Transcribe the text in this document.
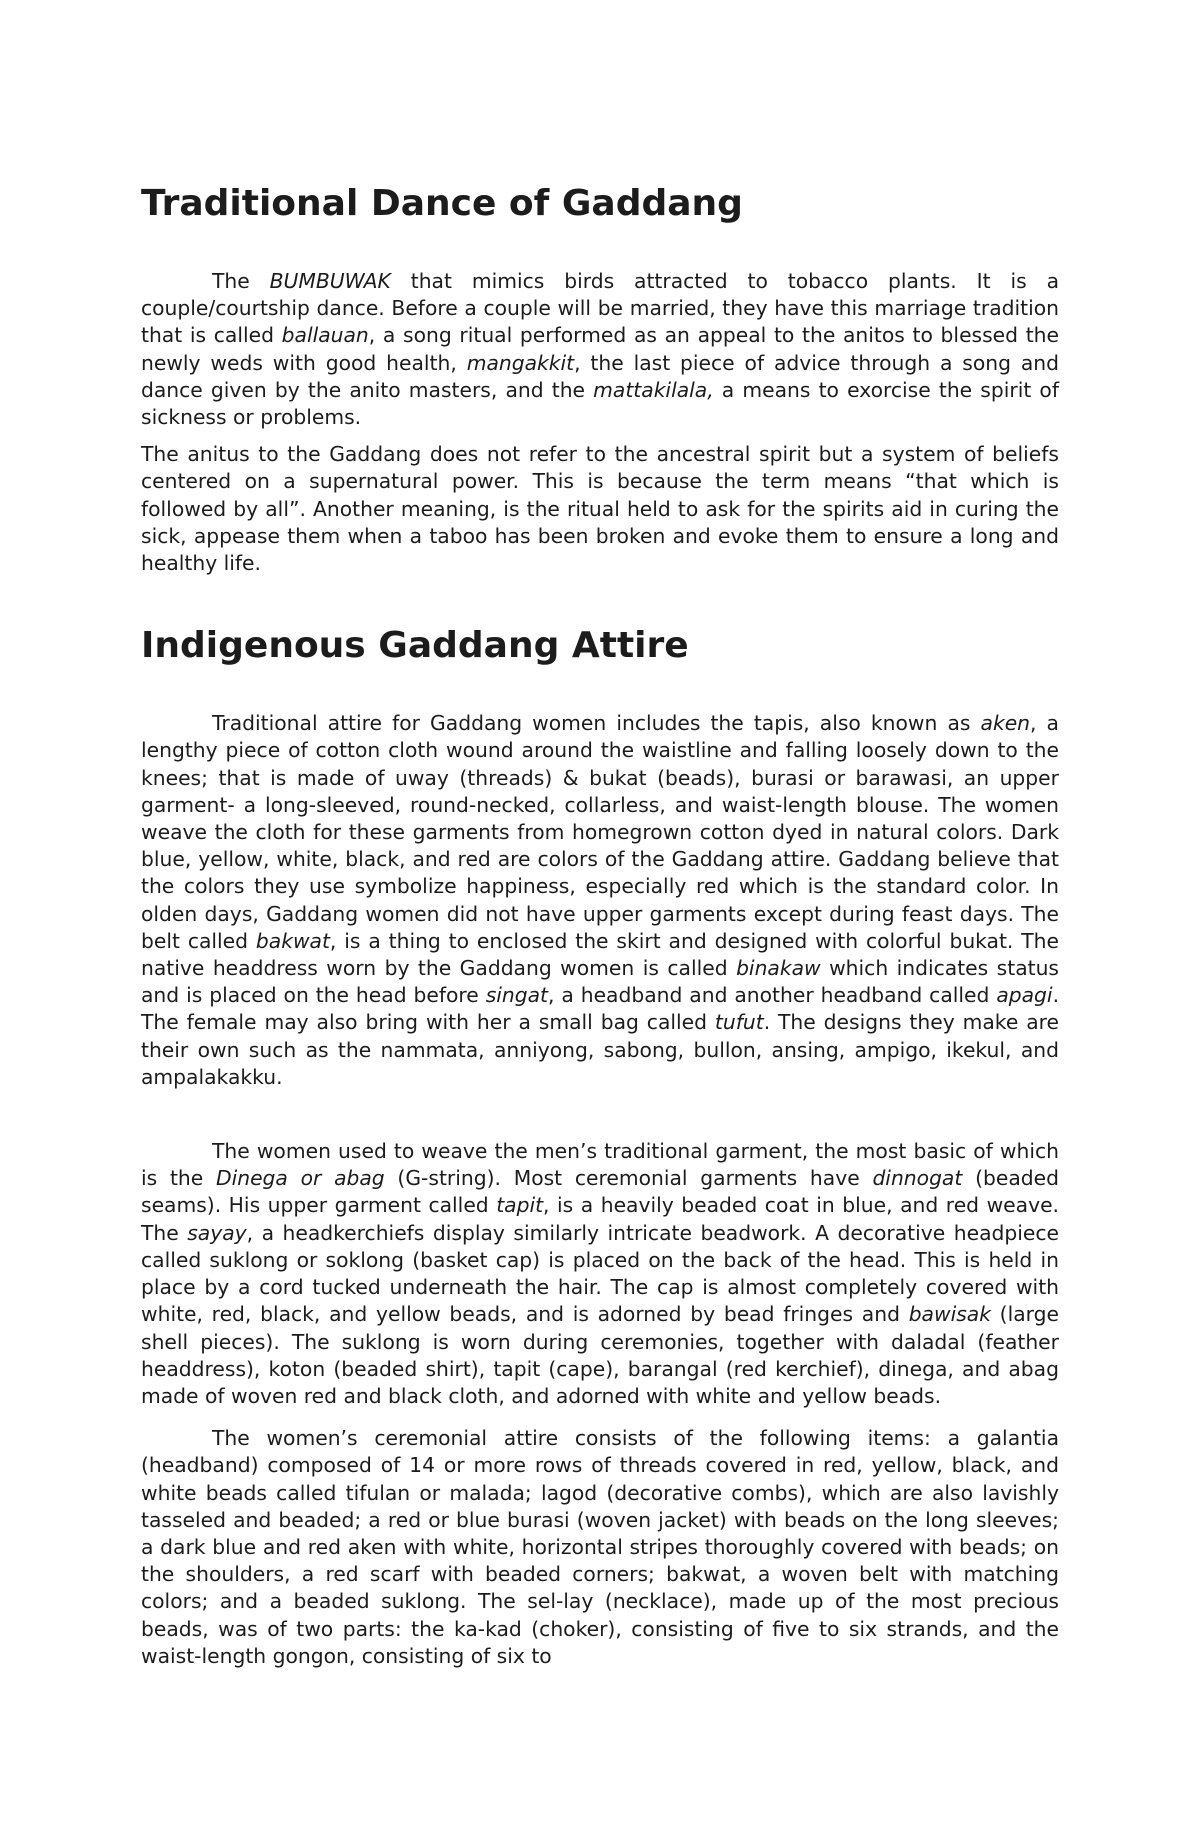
Traditional Dance of Gaddang

The BUMBUWAK that mimics birds attracted to tobacco plants. It is a couple/courtship dance. Before a couple will be married, they have this marriage tradition that is called ballauan, a song ritual performed as an appeal to the anitos to blessed the newly weds with good health, mangakkit, the last piece of advice through a song and dance given by the anito masters, and the mattakilala, a means to exorcise the spirit of sickness or problems.

The anitus to the Gaddang does not refer to the ancestral spirit but a system of beliefs centered on a supernatural power. This is because the term means “that which is followed by all”. Another meaning, is the ritual held to ask for the spirits aid in curing the sick, appease them when a taboo has been broken and evoke them to ensure a long and healthy life.

Indigenous Gaddang Attire

Traditional attire for Gaddang women includes the tapis, also known as aken, a lengthy piece of cotton cloth wound around the waistline and falling loosely down to the knees; that is made of uway (threads) & bukat (beads), burasi or barawasi, an upper garment- a long-sleeved, round-necked, collarless, and waist-length blouse. The women weave the cloth for these garments from homegrown cotton dyed in natural colors. Dark blue, yellow, white, black, and red are colors of the Gaddang attire. Gaddang believe that the colors they use symbolize happiness, especially red which is the standard color. In olden days, Gaddang women did not have upper garments except during feast days. The belt called bakwat, is a thing to enclosed the skirt and designed with colorful bukat. The native headdress worn by the Gaddang women is called binakaw which indicates status and is placed on the head before singat, a headband and another headband called apagi. The female may also bring with her a small bag called tufut. The designs they make are their own such as the nammata, anniyong, sabong, bullon, ansing, ampigo, ikekul, and ampalakakku.

The women used to weave the men’s traditional garment, the most basic of which is the Dinega or abag (G-string). Most ceremonial garments have dinnogat (beaded seams). His upper garment called tapit, is a heavily beaded coat in blue, and red weave. The sayay, a headkerchiefs display similarly intricate beadwork. A decorative headpiece called suklong or soklong (basket cap) is placed on the back of the head. This is held in place by a cord tucked underneath the hair. The cap is almost completely covered with white, red, black, and yellow beads, and is adorned by bead fringes and bawisak (large shell pieces). The suklong is worn during ceremonies, together with daladal (feather headdress), koton (beaded shirt), tapit (cape), barangal (red kerchief), dinega, and abag made of woven red and black cloth, and adorned with white and yellow beads.

The women’s ceremonial attire consists of the following items: a galantia (headband) composed of 14 or more rows of threads covered in red, yellow, black, and white beads called tifulan or malada; lagod (decorative combs), which are also lavishly tasseled and beaded; a red or blue burasi (woven jacket) with beads on the long sleeves; a dark blue and red aken with white, horizontal stripes thoroughly covered with beads; on the shoulders, a red scarf with beaded corners; bakwat, a woven belt with matching colors; and a beaded suklong. The sel-lay (necklace), made up of the most precious beads, was of two parts: the ka-kad (choker), consisting of five to six strands, and the waist-length gongon, consisting of six to
